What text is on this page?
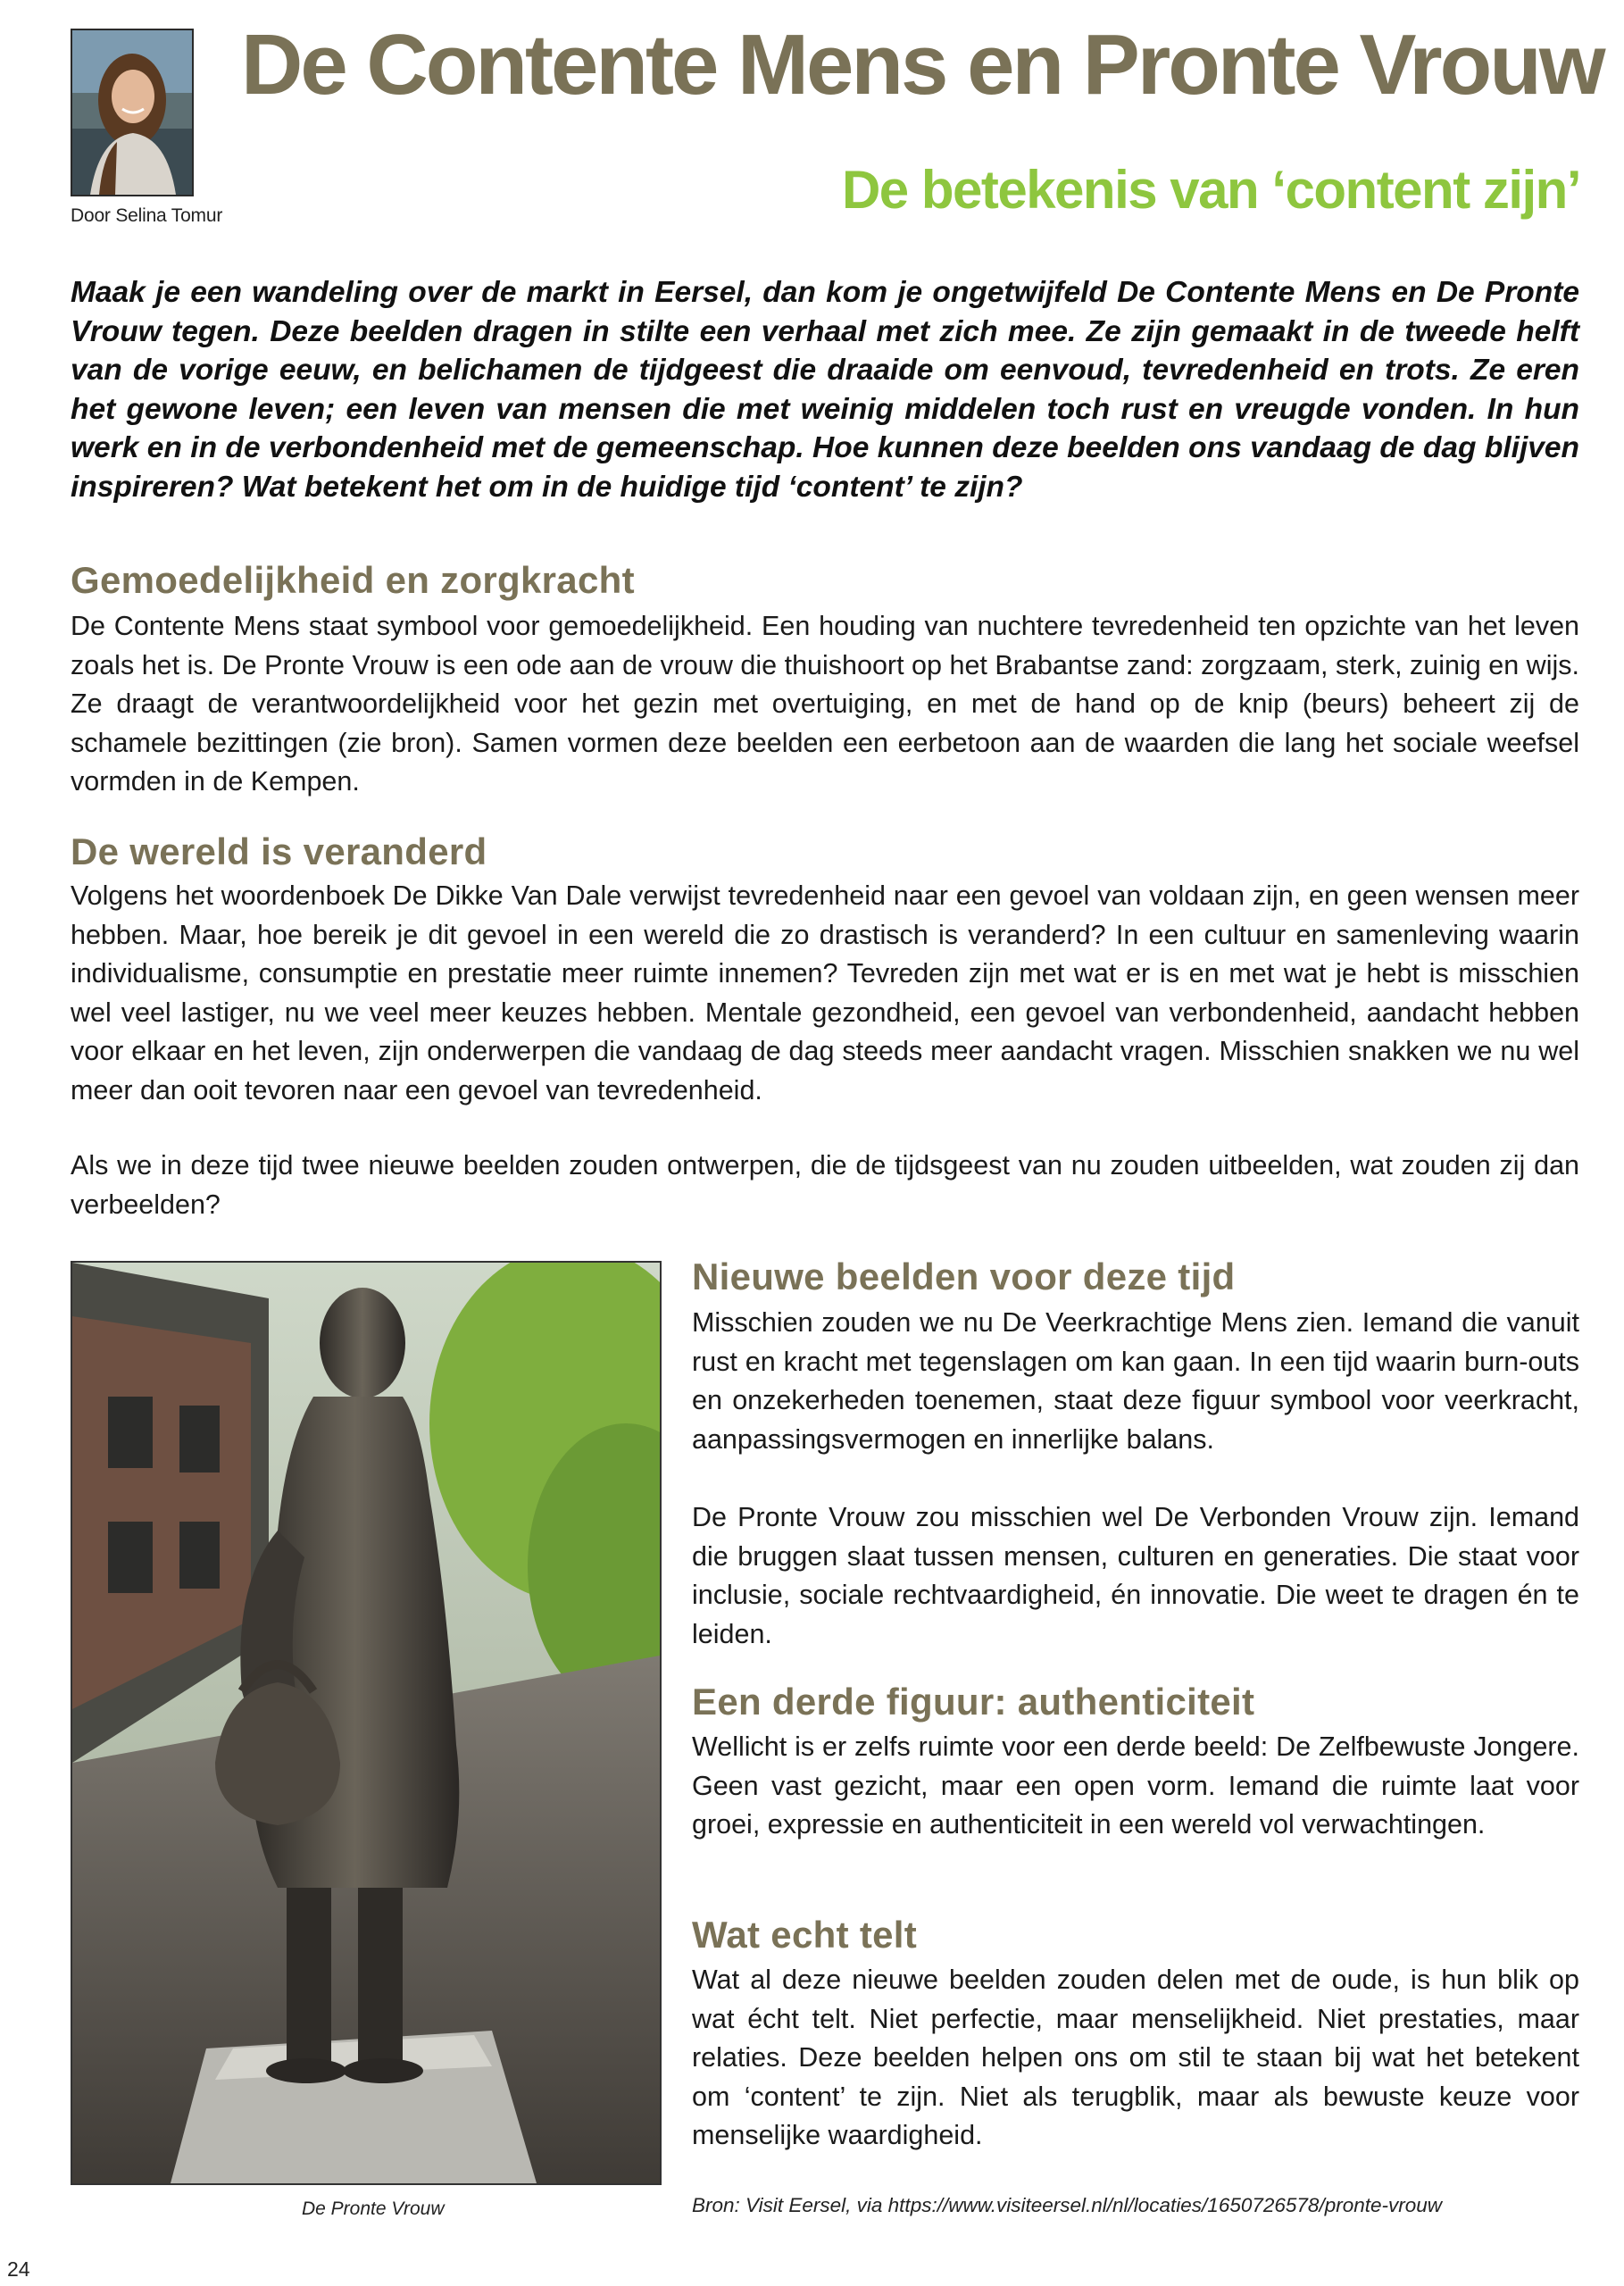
Door Selina Tomur
De Contente Mens en Pronte Vrouw
De betekenis van ‘content zijn’
Maak je een wandeling over de markt in Eersel, dan kom je ongetwijfeld De Contente Mens en De Pronte Vrouw tegen. Deze beelden dragen in stilte een verhaal met zich mee. Ze zijn gemaakt in de tweede helft van de vorige eeuw, en belichamen de tijdgeest die draaide om eenvoud, tevredenheid en trots. Ze eren het gewone leven; een leven van mensen die met weinig middelen toch rust en vreugde vonden. In hun werk en in de verbondenheid met de gemeenschap. Hoe kunnen deze beelden ons vandaag de dag blijven inspireren? Wat betekent het om in de huidige tijd ‘content’ te zijn?
Gemoedelijkheid en zorgkracht
De Contente Mens staat symbool voor gemoedelijkheid. Een houding van nuchtere tevredenheid ten opzichte van het leven zoals het is. De Pronte Vrouw is een ode aan de vrouw die thuishoort op het Brabantse zand: zorgzaam, sterk, zuinig en wijs. Ze draagt de verantwoordelijkheid voor het gezin met overtuiging, en met de hand op de knip (beurs) beheert zij de schamele bezittingen (zie bron). Samen vormen deze beelden een eerbetoon aan de waarden die lang het sociale weefsel vormden in de Kempen.
De wereld is veranderd
Volgens het woordenboek De Dikke Van Dale verwijst tevredenheid naar een gevoel van voldaan zijn, en geen wensen meer hebben. Maar, hoe bereik je dit gevoel in een wereld die zo drastisch is veranderd? In een cultuur en samenleving waarin individualisme, consumptie en prestatie meer ruimte innemen? Tevreden zijn met wat er is en met wat je hebt is misschien wel veel lastiger, nu we veel meer keuzes hebben. Mentale gezondheid, een gevoel van verbondenheid, aandacht hebben voor elkaar en het leven, zijn onderwerpen die vandaag de dag steeds meer aandacht vragen. Misschien snakken we nu wel meer dan ooit tevoren naar een gevoel van tevredenheid.
Als we in deze tijd twee nieuwe beelden zouden ontwerpen, die de tijdsgeest van nu zouden uitbeelden, wat zouden zij dan verbeelden?
De Pronte Vrouw
Nieuwe beelden voor deze tijd
Misschien zouden we nu De Veerkrachtige Mens zien. Iemand die vanuit rust en kracht met tegenslagen om kan gaan. In een tijd waarin burn-outs en onzekerheden toenemen, staat deze figuur symbool voor veerkracht, aanpassingsvermogen en innerlijke balans.
De Pronte Vrouw zou misschien wel De Verbonden Vrouw zijn. Iemand die bruggen slaat tussen mensen, culturen en generaties. Die staat voor inclusie, sociale rechtvaardigheid, én innovatie. Die weet te dragen én te leiden.
Een derde figuur: authenticiteit
Wellicht is er zelfs ruimte voor een derde beeld: De Zelfbewuste Jongere. Geen vast gezicht, maar een open vorm. Iemand die ruimte laat voor groei, expressie en authenticiteit in een wereld vol verwachtingen.
Wat echt telt
Wat al deze nieuwe beelden zouden delen met de oude, is hun blik op wat écht telt. Niet perfectie, maar menselijkheid. Niet prestaties, maar relaties. Deze beelden helpen ons om stil te staan bij wat het betekent om ‘content’ te zijn. Niet als terugblik, maar als bewuste keuze voor menselijke waardigheid.
Bron: Visit Eersel, via https://www.visiteersel.nl/nl/locaties/1650726578/pronte-vrouw
24
